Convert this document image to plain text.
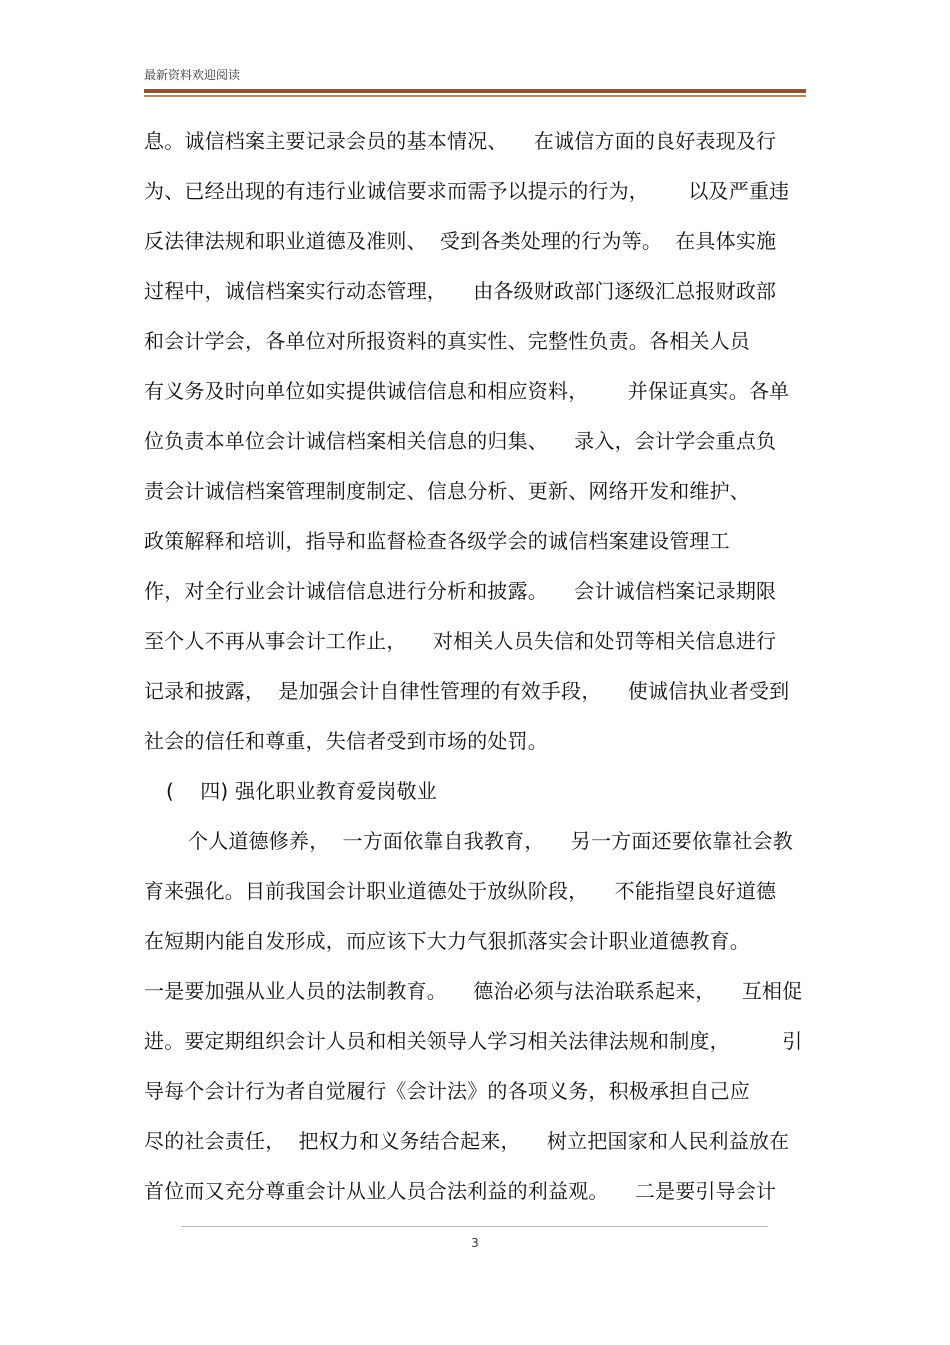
最新资料欢迎阅读
息。诚信档案主要记录会员的基本情况、    在诚信方面的良好表现及行
为、已经出现的有违行业诚信要求而需予以提示的行为，      以及严重违
反法律法规和职业道德及准则、  受到各类处理的行为等。  在具体实施
过程中，诚信档案实行动态管理，    由各级财政部门逐级汇总报财政部
和会计学会，各单位对所报资料的真实性、完整性负责。各相关人员
有义务及时向单位如实提供诚信信息和相应资料，      并保证真实。各单
位负责本单位会计诚信档案相关信息的归集、    录入，会计学会重点负
责会计诚信档案管理制度制定、信息分析、更新、网络开发和维护、
政策解释和培训，指导和监督检查各级学会的诚信档案建设管理工
作，对全行业会计诚信信息进行分析和披露。    会计诚信档案记录期限
至个人不再从事会计工作止，    对相关人员失信和处罚等相关信息进行
记录和披露，  是加强会计自律性管理的有效手段，    使诚信执业者受到
社会的信任和尊重，失信者受到市场的处罚。
(    四) 强化职业教育爱岗敬业
个人道德修养，  一方面依靠自我教育，    另一方面还要依靠社会教
育来强化。目前我国会计职业道德处于放纵阶段，    不能指望良好道德
在短期内能自发形成，而应该下大力气狠抓落实会计职业道德教育。
一是要加强从业人员的法制教育。    德治必须与法治联系起来，    互相促
进。要定期组织会计人员和相关领导人学习相关法律法规和制度，        引
导每个会计行为者自觉履行《会计法》的各项义务，积极承担自己应
尽的社会责任，  把权力和义务结合起来，    树立把国家和人民利益放在
首位而又充分尊重会计从业人员合法利益的利益观。    二是要引导会计
3
